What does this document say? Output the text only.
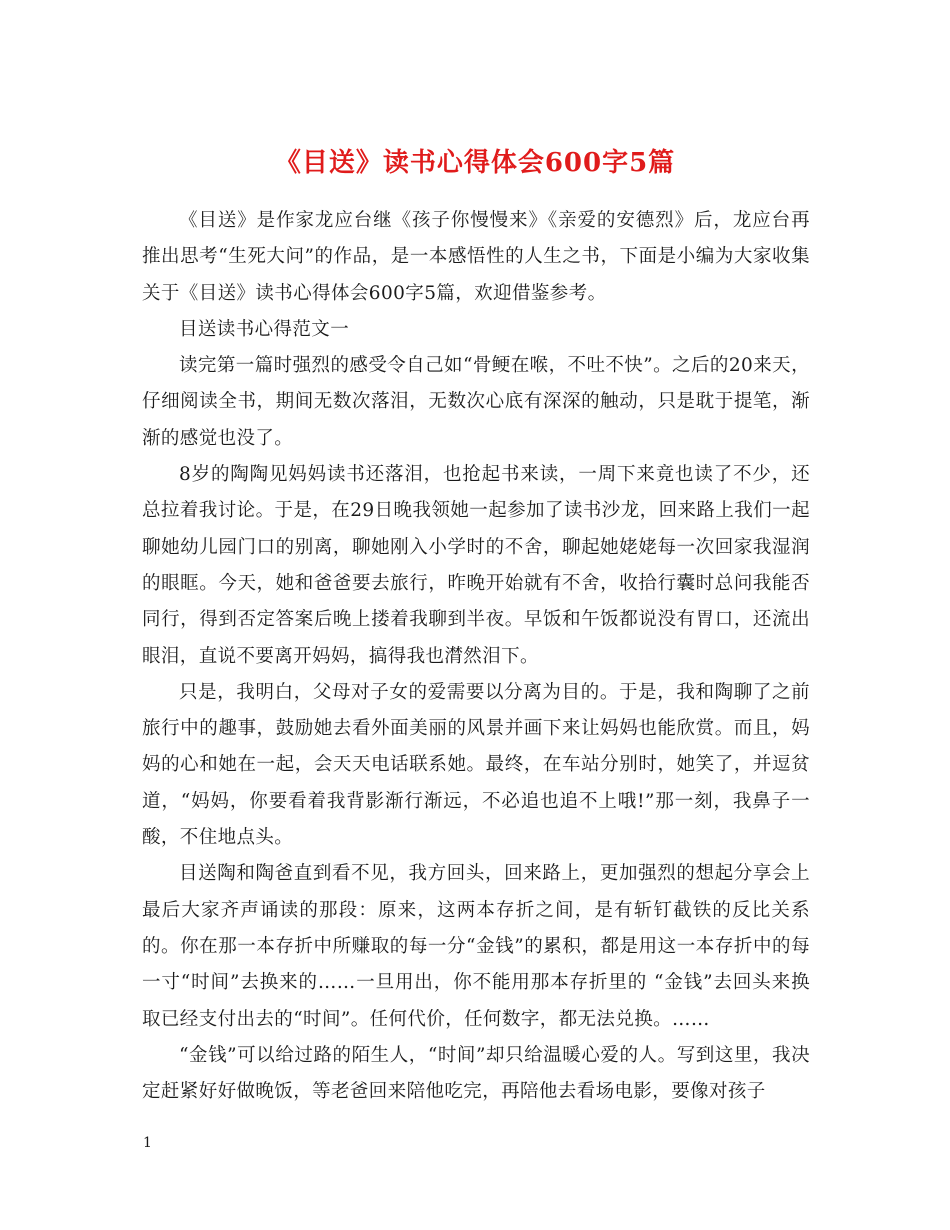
《目送》读书心得体会600字5篇

《目送》是作家龙应台继《孩子你慢慢来》《亲爱的安德烈》后，龙应台再推出思考“生死大问”的作品，是一本感悟性的人生之书，下面是小编为大家收集关于《目送》读书心得体会600字5篇，欢迎借鉴参考。

目送读书心得范文一

读完第一篇时强烈的感受令自己如“骨鲠在喉，不吐不快”。之后的20来天，仔细阅读全书，期间无数次落泪，无数次心底有深深的触动，只是耽于提笔，渐渐的感觉也没了。

8岁的陶陶见妈妈读书还落泪，也抢起书来读，一周下来竟也读了不少，还总拉着我讨论。于是，在29日晚我领她一起参加了读书沙龙，回来路上我们一起聊她幼儿园门口的别离，聊她刚入小学时的不舍，聊起她姥姥每一次回家我湿润的眼眶。今天，她和爸爸要去旅行，昨晚开始就有不舍，收拾行囊时总问我能否同行，得到否定答案后晚上搂着我聊到半夜。早饭和午饭都说没有胃口，还流出眼泪，直说不要离开妈妈，搞得我也潸然泪下。

只是，我明白，父母对子女的爱需要以分离为目的。于是，我和陶聊了之前旅行中的趣事，鼓励她去看外面美丽的风景并画下来让妈妈也能欣赏。而且，妈妈的心和她在一起，会天天电话联系她。最终，在车站分别时，她笑了，并逗贫道，“妈妈，你要看着我背影渐行渐远，不必追也追不上哦!”那一刻，我鼻子一酸，不住地点头。

目送陶和陶爸直到看不见，我方回头，回来路上，更加强烈的想起分享会上最后大家齐声诵读的那段：原来，这两本存折之间，是有斩钉截铁的反比关系的。你在那一本存折中所赚取的每一分“金钱”的累积，都是用这一本存折中的每一寸“时间”去换来的……一旦用出，你不能用那本存折里的 “金钱”去回头来换取已经支付出去的“时间”。任何代价，任何数字，都无法兑换。……

“金钱”可以给过路的陌生人，“时间”却只给温暖心爱的人。写到这里，我决定赶紧好好做晚饭，等老爸回来陪他吃完，再陪他去看场电影，要像对孩子

1
